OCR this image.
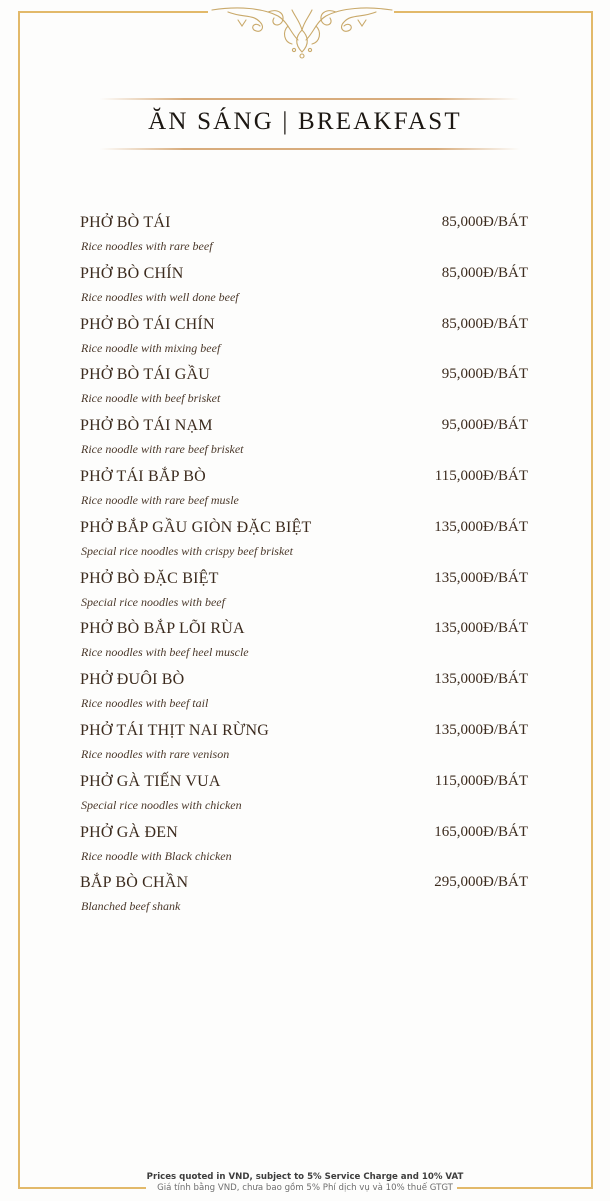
ĂN SÁNG | BREAKFAST
PHỞ BÒ TÁI	85,000Đ/BÁT
Rice noodles with rare beef
PHỞ BÒ CHÍN	85,000Đ/BÁT
Rice noodles with well done beef
PHỞ BÒ TÁI CHÍN	85,000Đ/BÁT
Rice noodle with mixing beef
PHỞ BÒ TÁI GẦU	95,000Đ/BÁT
Rice noodle with beef brisket
PHỞ BÒ TÁI NẠM	95,000Đ/BÁT
Rice noodle with rare beef brisket
PHỞ TÁI BẮP BÒ	115,000Đ/BÁT
Rice noodle with rare beef musle
PHỞ BẮP GẦU GIÒN ĐẶC BIỆT	135,000Đ/BÁT
Special rice noodles with crispy beef brisket
PHỞ BÒ ĐẶC BIỆT	135,000Đ/BÁT
Special rice noodles with beef
PHỞ BÒ BẮP LÕI RÙA	135,000Đ/BÁT
Rice noodles with beef heel muscle
PHỞ ĐUÔI BÒ	135,000Đ/BÁT
Rice noodles with beef tail
PHỞ TÁI THỊT NAI RỪNG	135,000Đ/BÁT
Rice noodles with rare venison
PHỞ GÀ TIẾN VUA	115,000Đ/BÁT
Special rice noodles with chicken
PHỞ GÀ ĐEN	165,000Đ/BÁT
Rice noodle with Black chicken
BẮP BÒ CHẦN	295,000Đ/BÁT
Blanched beef shank
Prices quoted in VND, subject to 5% Service Charge and 10% VAT
Giá tính bằng VND, chưa bao gồm 5% Phí dịch vụ và 10% thuế GTGT
